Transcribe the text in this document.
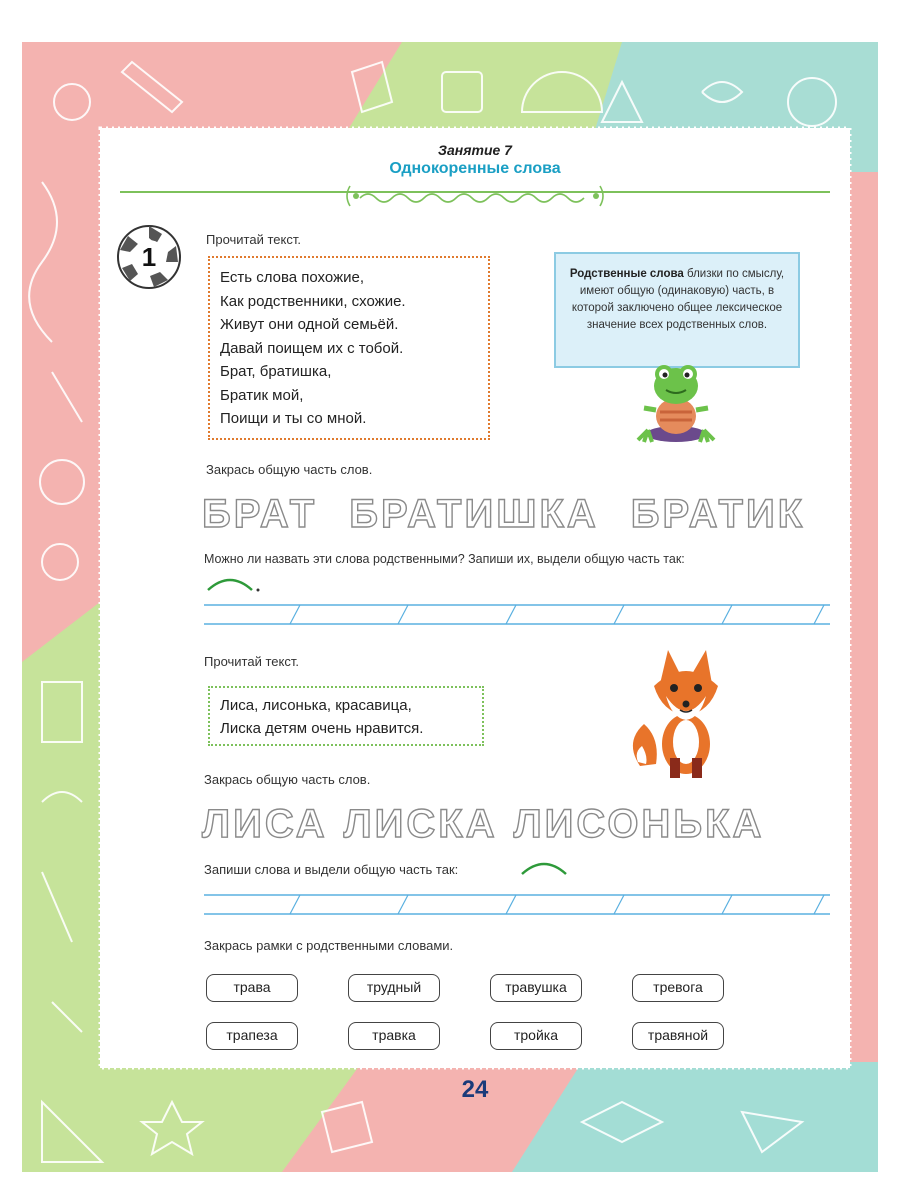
Занятие 7
Однокоренные слова
1
Прочитай текст.
Есть слова похожие,
Как родственники, схожие.
Живут они одной семьёй.
Давай поищем их с тобой.
Брат, братишка,
Братик мой,
Поищи и ты со мной.
Родственные слова близки по смыслу, имеют общую (одинаковую) часть, в которой заключено общее лексическое значение всех родственных слов.
Закрась общую часть слов.
БРАТ БРАТИШКА БРАТИК
Можно ли назвать эти слова родственными? Запиши их, выдели общую часть так:
Прочитай текст.
Лиса, лисонька, красавица,
Лиска детям очень нравится.
Закрась общую часть слов.
ЛИСА ЛИСКА ЛИСОНЬКА
Запиши слова и выдели общую часть так:
Закрась рамки с родственными словами.
трава	трудный	травушка	тревога
трапеза	травка	тройка	травяной
24
